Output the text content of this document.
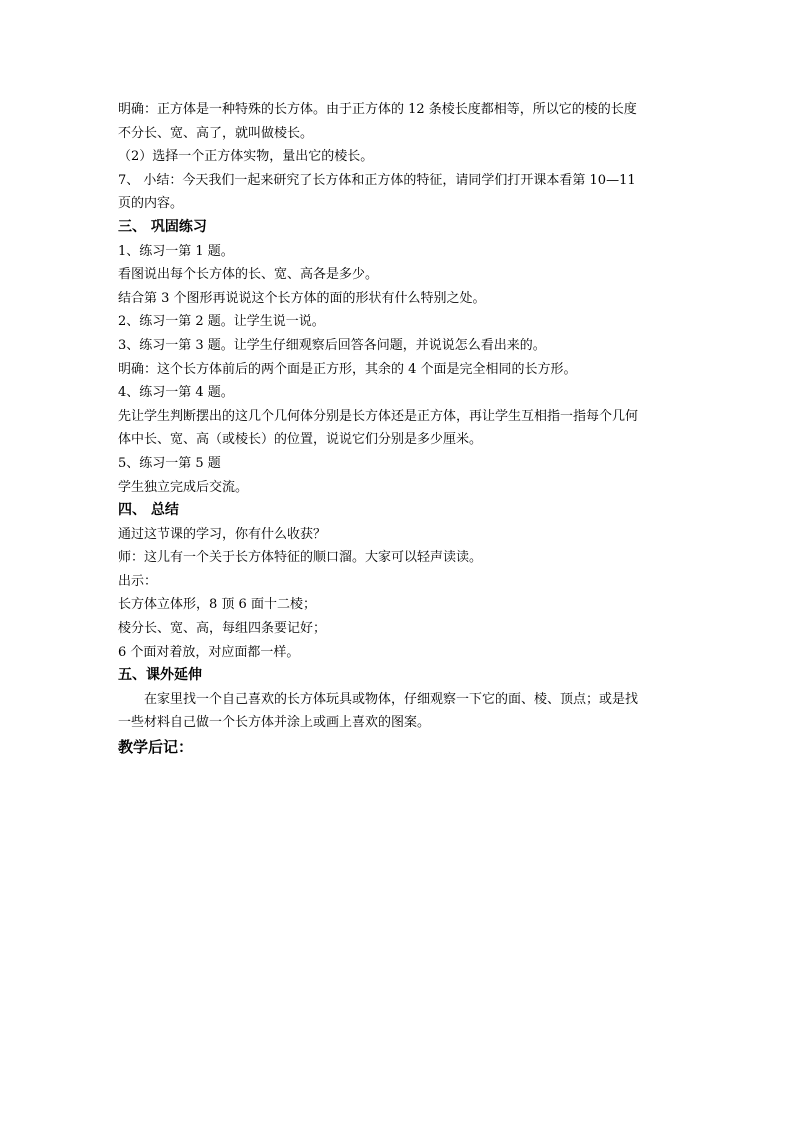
明确：正方体是一种特殊的长方体。由于正方体的 12 条棱长度都相等，所以它的棱的长度
不分长、宽、高了，就叫做棱长。
（2）选择一个正方体实物，量出它的棱长。
7、 小结：今天我们一起来研究了长方体和正方体的特征，请同学们打开课本看第 10—11
页的内容。
三、 巩固练习
1、练习一第 1 题。
看图说出每个长方体的长、宽、高各是多少。
结合第 3 个图形再说说这个长方体的面的形状有什么特别之处。
2、练习一第 2 题。让学生说一说。
3、练习一第 3 题。让学生仔细观察后回答各问题，并说说怎么看出来的。
明确：这个长方体前后的两个面是正方形，其余的 4 个面是完全相同的长方形。
4、练习一第 4 题。
先让学生判断摆出的这几个几何体分别是长方体还是正方体，再让学生互相指一指每个几何
体中长、宽、高（或棱长）的位置，说说它们分别是多少厘米。
5、练习一第 5 题
学生独立完成后交流。
四、 总结
通过这节课的学习，你有什么收获？
师：这儿有一个关于长方体特征的顺口溜。大家可以轻声读读。
出示：
长方体立体形，8 顶 6 面十二棱；
棱分长、宽、高，每组四条要记好；
6 个面对着放，对应面都一样。
五、课外延伸
在家里找一个自己喜欢的长方体玩具或物体，仔细观察一下它的面、棱、顶点；或是找
一些材料自己做一个长方体并涂上或画上喜欢的图案。
教学后记：
